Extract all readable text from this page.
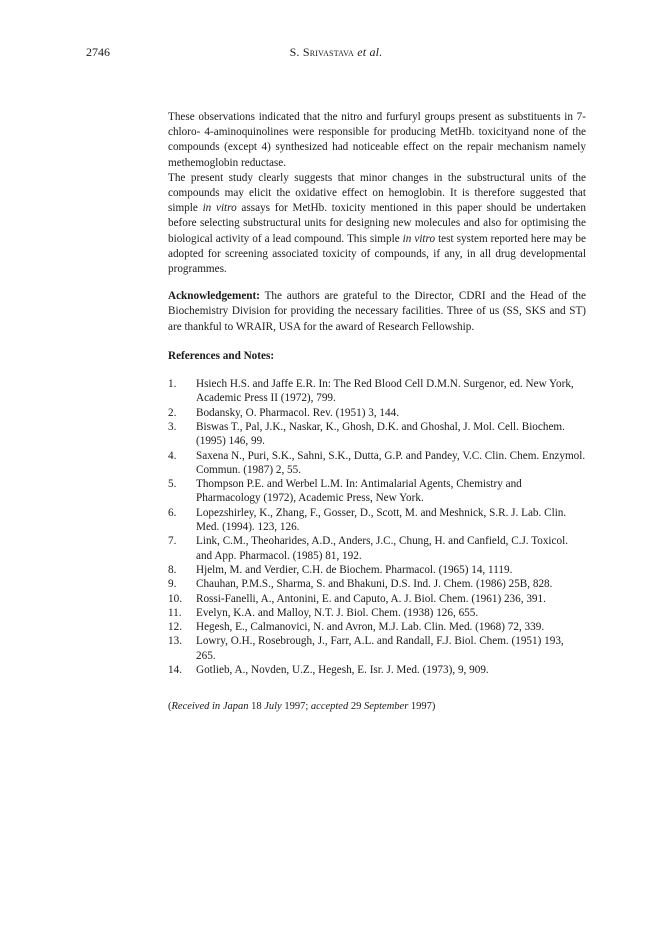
2746	S. Srivastava et al.

These observations indicated that the nitro and furfuryl groups present as substituents in 7-chloro- 4-aminoquinolines were responsible for producing MetHb. toxicityand none of the compounds (except 4) synthesized had noticeable effect on the repair mechanism namely methemoglobin reductase.

The present study clearly suggests that minor changes in the substructural units of the compounds may elicit the oxidative effect on hemoglobin. It is therefore suggested that simple in vitro assays for MetHb. toxicity mentioned in this paper should be undertaken before selecting substructural units for designing new molecules and also for optimising the biological activity of a lead compound. This simple in vitro test system reported here may be adopted for screening associated toxicity of compounds, if any, in all drug developmental programmes.

Acknowledgement: The authors are grateful to the Director, CDRI and the Head of the Biochemistry Division for providing the necessary facilities. Three of us (SS, SKS and ST) are thankful to WRAIR, USA for the award of Research Fellowship.

References and Notes:
1. Hsiech H.S. and Jaffe E.R. In: The Red Blood Cell D.M.N. Surgenor, ed. New York, Academic Press II (1972), 799.
2. Bodansky, O. Pharmacol. Rev. (1951) 3, 144.
3. Biswas T., Pal, J.K., Naskar, K., Ghosh, D.K. and Ghoshal, J. Mol. Cell. Biochem. (1995) 146, 99.
4. Saxena N., Puri, S.K., Sahni, S.K., Dutta, G.P. and Pandey, V.C. Clin. Chem. Enzymol. Commun. (1987) 2, 55.
5. Thompson P.E. and Werbel L.M. In: Antimalarial Agents, Chemistry and Pharmacology (1972), Academic Press, New York.
6. Lopezshirley, K., Zhang, F., Gosser, D., Scott, M. and Meshnick, S.R. J. Lab. Clin. Med. (1994). 123, 126.
7. Link, C.M., Theoharides, A.D., Anders, J.C., Chung, H. and Canfield, C.J. Toxicol. and App. Pharmacol. (1985) 81, 192.
8. Hjelm, M. and Verdier, C.H. de Biochem. Pharmacol. (1965) 14, 1119.
9. Chauhan, P.M.S., Sharma, S. and Bhakuni, D.S. Ind. J. Chem. (1986) 25B, 828.
10. Rossi-Fanelli, A., Antonini, E. and Caputo, A. J. Biol. Chem. (1961) 236, 391.
11. Evelyn, K.A. and Malloy, N.T. J. Biol. Chem. (1938) 126, 655.
12. Hegesh, E., Calmanovici, N. and Avron, M.J. Lab. Clin. Med. (1968) 72, 339.
13. Lowry, O.H., Rosebrough, J., Farr, A.L. and Randall, F.J. Biol. Chem. (1951) 193, 265.
14. Gotlieb, A., Novden, U.Z., Hegesh, E. Isr. J. Med. (1973), 9, 909.
(Received in Japan 18 July 1997; accepted 29 September 1997)
